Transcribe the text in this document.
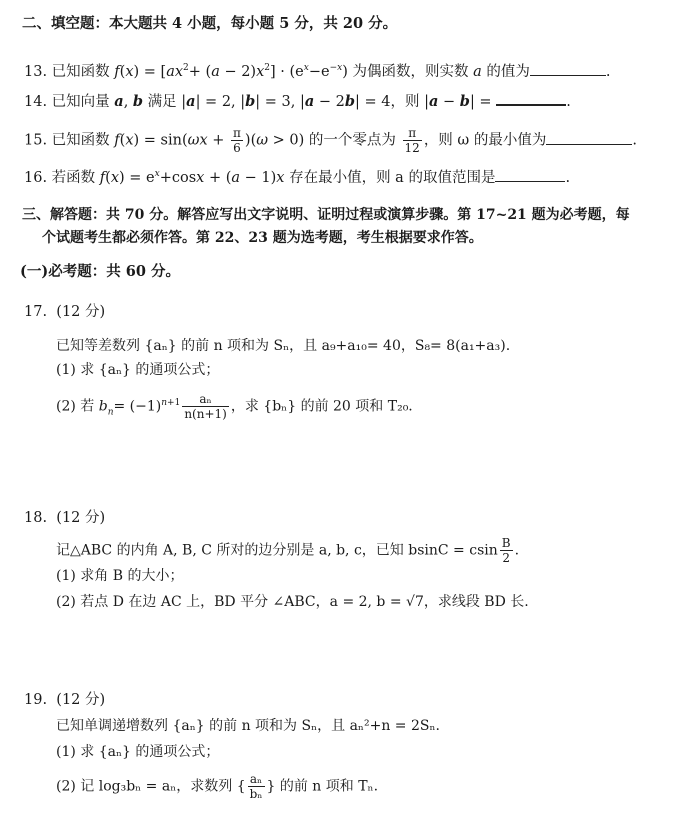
二、填空题：本大题共 4 小题，每小题 5 分，共 20 分。
13. 已知函数 $f(x) = [ax^2+ (a - 2)x^2] \cdot (e^x-e^{-x})$ 为偶函数，则实数 a 的值为	.
14. 已知向量 a, b 满足 |a| = 2, |b| = 3, |a − 2b| = 4，则 |a − b| =	.
15. 已知函数 $f(x) = \sin(\omega x + \frac{\pi}{6} )(\omega > 0)$ 的一个零点为 $\frac{\pi}{12}$ ，则 ω 的最小值为	.
16. 若函数 $f(x) = e^x+\cos x + (a - 1)x$ 存在最小值，则 a 的取值范围是	.
三、解答题：共 70 分。解答应写出文字说明、证明过程或演算步骤。第 17~21 题为必考题，每
个试题考生都必须作答。第 22、23 题为选考题，考生根据要求作答。
(一)必考题：共 60 分。
17. (12 分)
已知等差数列 {aₙ} 的前 n 项和为 Sₙ，且 a₉+a₁₀= 40，S₈= 8(a₁+a₃).
(1) 求 {aₙ} 的通项公式；
(2) 若 $b_n= (-1)^{n+1} \frac{\text{aₙ}}{n(n+1)}$ ，求 {bₙ} 的前 20 项和 T₂₀.
18. (12 分)
记△ABC 的内角 A, B, C 所对的边分别是 a, b, c，已知 bsinC = csin $\frac{B}{2}$ .
(1) 求角 B 的大小；
(2) 若点 D 在边 AC 上，BD 平分 ∠ABC，a = 2, b = √7，求线段 BD 长.
19. (12 分)
已知单调递增数列 {aₙ} 的前 n 项和为 Sₙ，且 aₙ²+n = 2Sₙ.
(1) 求 {aₙ} 的通项公式；
(2) 记 log₃bₙ = aₙ，求数列 { $\frac{\text{aₙ}}{\text{bₙ}}$ } 的前 n 项和 Tₙ.
